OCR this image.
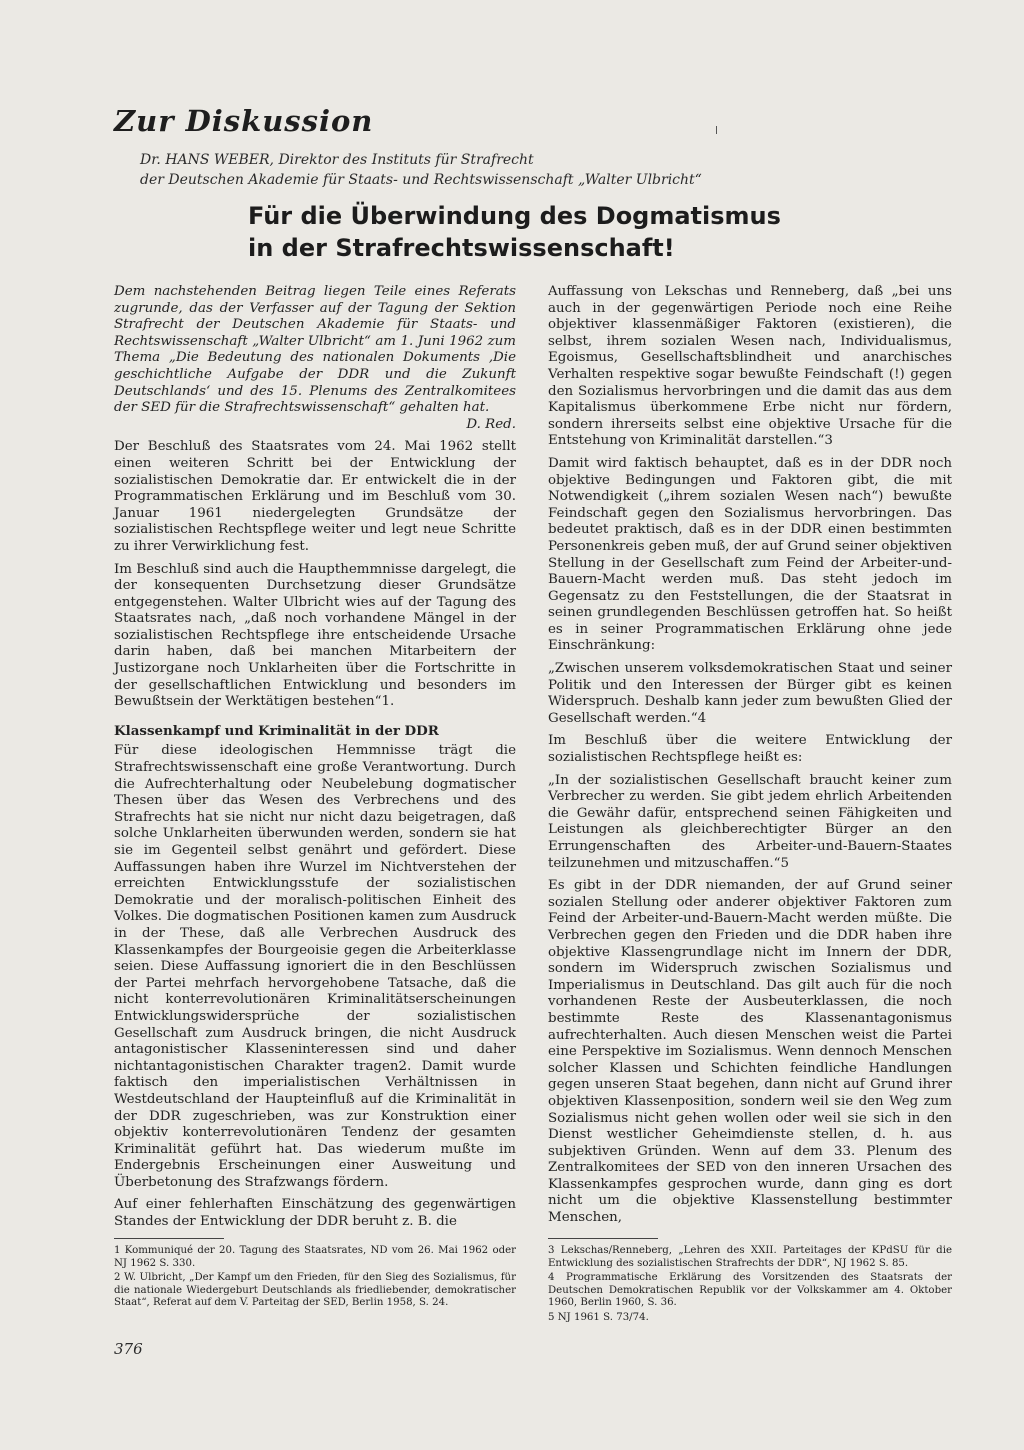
Zur Diskussion
Dr. HANS WEBER, Direktor des Instituts für Strafrecht
der Deutschen Akademie für Staats- und Rechtswissenschaft „Walter Ulbricht“
Für die Überwindung des Dogmatismus
in der Strafrechtswissenschaft!
Dem nachstehenden Beitrag liegen Teile eines Referats zugrunde, das der Verfasser auf der Tagung der Sektion Strafrecht der Deutschen Akademie für Staats- und Rechtswissenschaft „Walter Ulbricht“ am 1. Juni 1962 zum Thema „Die Bedeutung des nationalen Dokuments ‚Die geschichtliche Aufgabe der DDR und die Zukunft Deutschlands‘ und des 15. Plenums des Zentralkomitees der SED für die Strafrechtswissenschaft“ gehalten hat.
D. Red.

Der Beschluß des Staatsrates vom 24. Mai 1962 stellt einen weiteren Schritt bei der Entwicklung der sozialistischen Demokratie dar. Er entwickelt die in der Programmatischen Erklärung und im Beschluß vom 30. Januar 1961 niedergelegten Grundsätze der sozialistischen Rechtspflege weiter und legt neue Schritte zu ihrer Verwirklichung fest.

Im Beschluß sind auch die Haupthemmnisse dargelegt, die der konsequenten Durchsetzung dieser Grundsätze entgegenstehen. Walter Ulbricht wies auf der Tagung des Staatsrates nach, „daß noch vorhandene Mängel in der sozialistischen Rechtspflege ihre entscheidende Ursache darin haben, daß bei manchen Mitarbeitern der Justizorgane noch Unklarheiten über die Fortschritte in der gesellschaftlichen Entwicklung und besonders im Bewußtsein der Werktätigen bestehen“1.

Klassenkampf und Kriminalität in der DDR

Für diese ideologischen Hemmnisse trägt die Strafrechtswissenschaft eine große Verantwortung. Durch die Aufrechterhaltung oder Neubelebung dogmatischer Thesen über das Wesen des Verbrechens und des Strafrechts hat sie nicht nur nicht dazu beigetragen, daß solche Unklarheiten überwunden werden, sondern sie hat sie im Gegenteil selbst genährt und gefördert. Diese Auffassungen haben ihre Wurzel im Nichtverstehen der erreichten Entwicklungsstufe der sozialistischen Demokratie und der moralisch-politischen Einheit des Volkes. Die dogmatischen Positionen kamen zum Ausdruck in der These, daß alle Verbrechen Ausdruck des Klassenkampfes der Bourgeoisie gegen die Arbeiterklasse seien. Diese Auffassung ignoriert die in den Beschlüssen der Partei mehrfach hervorgehobene Tatsache, daß die nicht konterrevolutionären Kriminalitätserscheinungen Entwicklungswidersprüche der sozialistischen Gesellschaft zum Ausdruck bringen, die nicht Ausdruck antagonistischer Klasseninteressen sind und daher nichtantagonistischen Charakter tragen2. Damit wurde faktisch den imperialistischen Verhältnissen in Westdeutschland der Haupteinfluß auf die Kriminalität in der DDR zugeschrieben, was zur Konstruktion einer objektiv konterrevolutionären Tendenz der gesamten Kriminalität geführt hat. Das wiederum mußte im Endergebnis Erscheinungen einer Ausweitung und Überbetonung des Strafzwangs fördern.

Auf einer fehlerhaften Einschätzung des gegenwärtigen Standes der Entwicklung der DDR beruht z. B. die

Auffassung von Lekschas und Renneberg, daß „bei uns auch in der gegenwärtigen Periode noch eine Reihe objektiver klassenmäßiger Faktoren (existieren), die selbst, ihrem sozialen Wesen nach, Individualismus, Egoismus, Gesellschaftsblindheit und anarchisches Verhalten respektive sogar bewußte Feindschaft (!) gegen den Sozialismus hervorbringen und die damit das aus dem Kapitalismus überkommene Erbe nicht nur fördern, sondern ihrerseits selbst eine objektive Ursache für die Entstehung von Kriminalität darstellen.“3

Damit wird faktisch behauptet, daß es in der DDR noch objektive Bedingungen und Faktoren gibt, die mit Notwendigkeit („ihrem sozialen Wesen nach“) bewußte Feindschaft gegen den Sozialismus hervorbringen. Das bedeutet praktisch, daß es in der DDR einen bestimmten Personenkreis geben muß, der auf Grund seiner objektiven Stellung in der Gesellschaft zum Feind der Arbeiter-und-Bauern-Macht werden muß. Das steht jedoch im Gegensatz zu den Feststellungen, die der Staatsrat in seinen grundlegenden Beschlüssen getroffen hat. So heißt es in seiner Programmatischen Erklärung ohne jede Einschränkung:

„Zwischen unserem volksdemokratischen Staat und seiner Politik und den Interessen der Bürger gibt es keinen Widerspruch. Deshalb kann jeder zum bewußten Glied der Gesellschaft werden.“4

Im Beschluß über die weitere Entwicklung der sozialistischen Rechtspflege heißt es:

„In der sozialistischen Gesellschaft braucht keiner zum Verbrecher zu werden. Sie gibt jedem ehrlich Arbeitenden die Gewähr dafür, entsprechend seinen Fähigkeiten und Leistungen als gleichberechtigter Bürger an den Errungenschaften des Arbeiter-und-Bauern-Staates teilzunehmen und mitzuschaffen.“5

Es gibt in der DDR niemanden, der auf Grund seiner sozialen Stellung oder anderer objektiver Faktoren zum Feind der Arbeiter-und-Bauern-Macht werden müßte. Die Verbrechen gegen den Frieden und die DDR haben ihre objektive Klassengrundlage nicht im Innern der DDR, sondern im Widerspruch zwischen Sozialismus und Imperialismus in Deutschland. Das gilt auch für die noch vorhandenen Reste der Ausbeuterklassen, die noch bestimmte Reste des Klassenantagonismus aufrechterhalten. Auch diesen Menschen weist die Partei eine Perspektive im Sozialismus. Wenn dennoch Menschen solcher Klassen und Schichten feindliche Handlungen gegen unseren Staat begehen, dann nicht auf Grund ihrer objektiven Klassenposition, sondern weil sie den Weg zum Sozialismus nicht gehen wollen oder weil sie sich in den Dienst westlicher Geheimdienste stellen, d. h. aus subjektiven Gründen. Wenn auf dem 33. Plenum des Zentralkomitees der SED von den inneren Ursachen des Klassenkampfes gesprochen wurde, dann ging es dort nicht um die objektive Klassenstellung bestimmter Menschen,

1 Kommuniqué der 20. Tagung des Staatsrates, ND vom 26. Mai 1962 oder NJ 1962 S. 330.

2 W. Ulbricht, „Der Kampf um den Frieden, für den Sieg des Sozialismus, für die nationale Wiedergeburt Deutschlands als friedliebender, demokratischer Staat“, Referat auf dem V. Parteitag der SED, Berlin 1958, S. 24.

3 Lekschas/Renneberg, „Lehren des XXII. Parteitages der KPdSU für die Entwicklung des sozialistischen Strafrechts der DDR“, NJ 1962 S. 85.

4 Programmatische Erklärung des Vorsitzenden des Staatsrats der Deutschen Demokratischen Republik vor der Volkskammer am 4. Oktober 1960, Berlin 1960, S. 36.

5 NJ 1961 S. 73/74.

376
